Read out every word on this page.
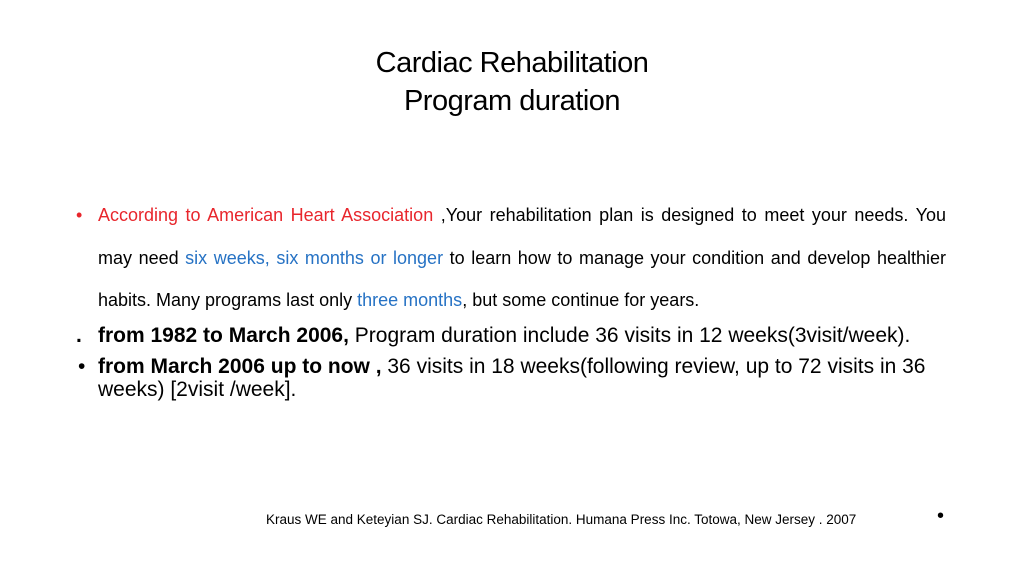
Cardiac Rehabilitation
Program duration
• According to American Heart Association ,Your rehabilitation plan is designed to meet your needs. You may need six weeks, six months or longer to learn how to manage your condition and develop healthier habits. Many programs last only three months, but some continue for years.
. from 1982 to March 2006, Program duration include 36 visits in 12 weeks(3visit/week).
• from March 2006 up to now , 36 visits in 18 weeks(following review, up to 72 visits in 36 weeks) [2visit /week].
Kraus WE and Keteyian SJ. Cardiac Rehabilitation. Humana Press Inc. Totowa, New Jersey . 2007	•
